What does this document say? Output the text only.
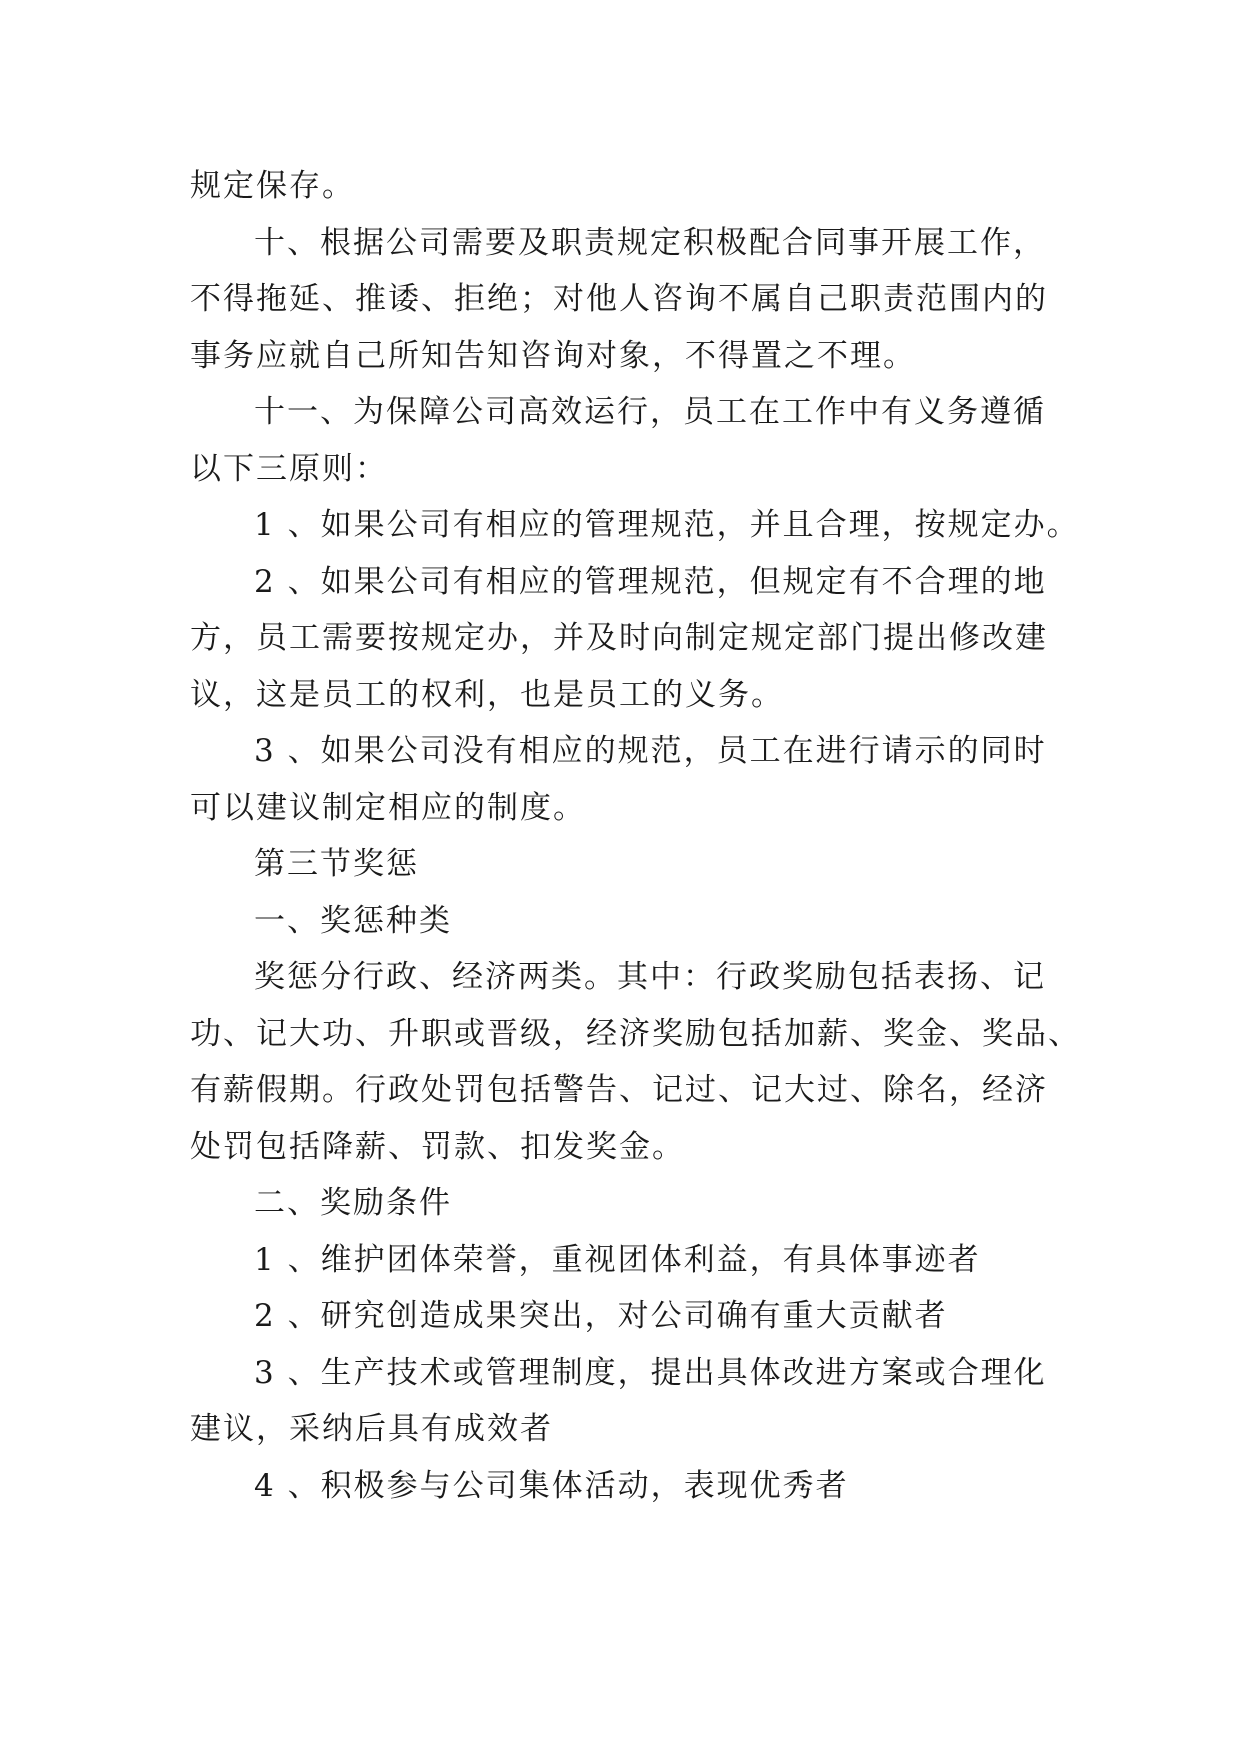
规定保存。
十、根据公司需要及职责规定积极配合同事开展工作，
不得拖延、推诿、拒绝；对他人咨询不属自己职责范围内的
事务应就自己所知告知咨询对象，不得置之不理。
十一、为保障公司高效运行，员工在工作中有义务遵循
以下三原则：
1 、如果公司有相应的管理规范，并且合理，按规定办。
2 、如果公司有相应的管理规范，但规定有不合理的地
方，员工需要按规定办，并及时向制定规定部门提出修改建
议，这是员工的权利，也是员工的义务。
3 、如果公司没有相应的规范，员工在进行请示的同时
可以建议制定相应的制度。
第三节奖惩
一、奖惩种类
奖惩分行政、经济两类。其中：行政奖励包括表扬、记
功、记大功、升职或晋级，经济奖励包括加薪、奖金、奖品、
有薪假期。行政处罚包括警告、记过、记大过、除名，经济
处罚包括降薪、罚款、扣发奖金。
二、奖励条件
1 、维护团体荣誉，重视团体利益，有具体事迹者
2 、研究创造成果突出，对公司确有重大贡献者
3 、生产技术或管理制度，提出具体改进方案或合理化
建议，采纳后具有成效者
4 、积极参与公司集体活动，表现优秀者
